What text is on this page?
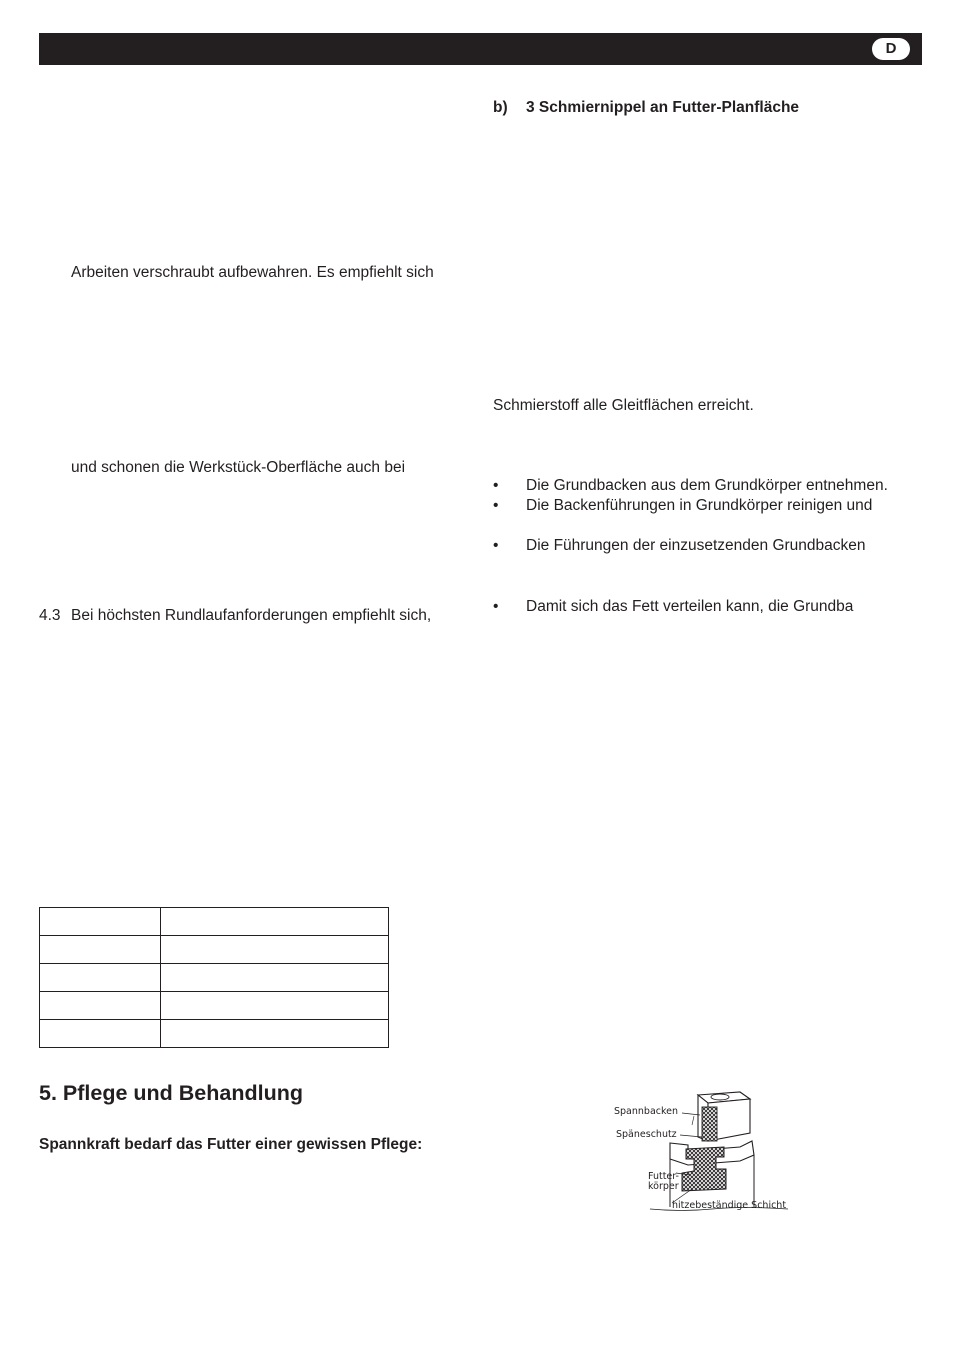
D
Arbeiten verschraubt aufbewahren. Es empfiehlt sich
und schonen die Werkstück-Oberfläche auch bei
4.3 Bei höchsten Rundlaufanforderungen empfiehlt sich,

5. Pflege und Behandlung
Spannkraft bedarf das Futter einer gewissen Pflege:
b) 3 Schmiernippel an Futter-Planfläche
Schmierstoff alle Gleitflächen erreicht.
• Die Grundbacken aus dem Grundkörper entnehmen.
• Die Backenführungen in Grundkörper reinigen und
• Die Führungen der einzusetzenden Grundbacken
• Damit sich das Fett verteilen kann, die Grundba
Spannbacken
Späneschutz
Futter-
körper
hitzebeständige Schicht
